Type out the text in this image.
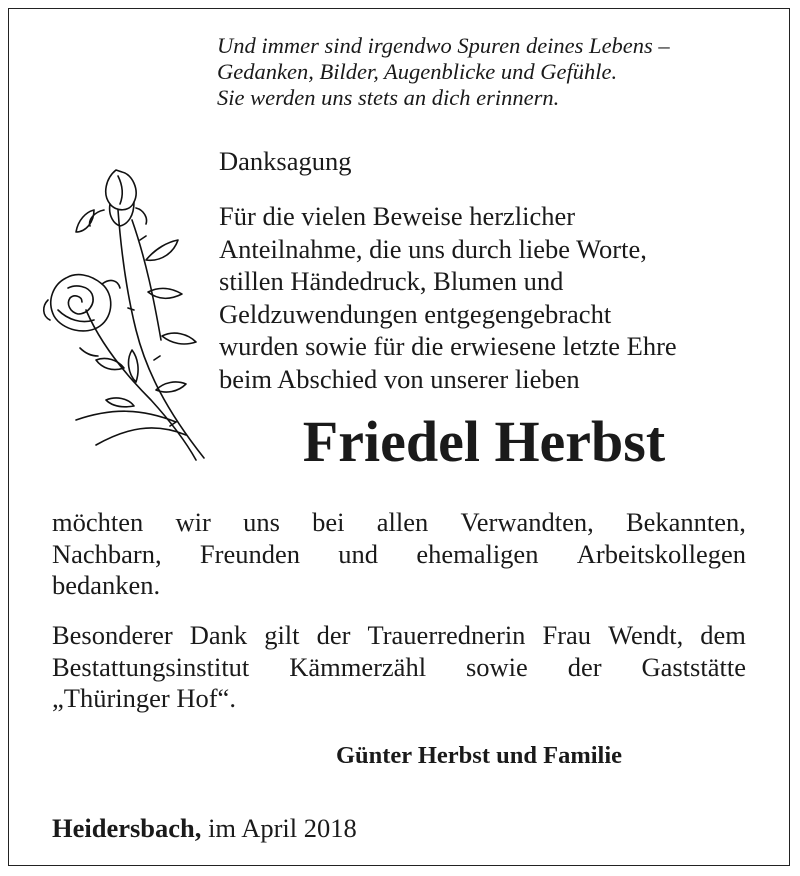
Und immer sind irgendwo Spuren deines Lebens –
Gedanken, Bilder, Augenblicke und Gefühle.
Sie werden uns stets an dich erinnern.
Danksagung
Für die vielen Beweise herzlicher
Anteilnahme, die uns durch liebe Worte,
stillen Händedruck, Blumen und
Geldzuwendungen entgegengebracht
wurden sowie für die erwiesene letzte Ehre
beim Abschied von unserer lieben
Friedel Herbst
möchten wir uns bei allen Verwandten, Bekannten,
Nachbarn, Freunden und ehemaligen Arbeitskollegen
bedanken.
Besonderer Dank gilt der Trauerrednerin Frau Wendt, dem
Bestattungsinstitut Kämmerzähl sowie der Gaststätte
„Thüringer Hof“.
Günter Herbst und Familie
Heidersbach, im April 2018
